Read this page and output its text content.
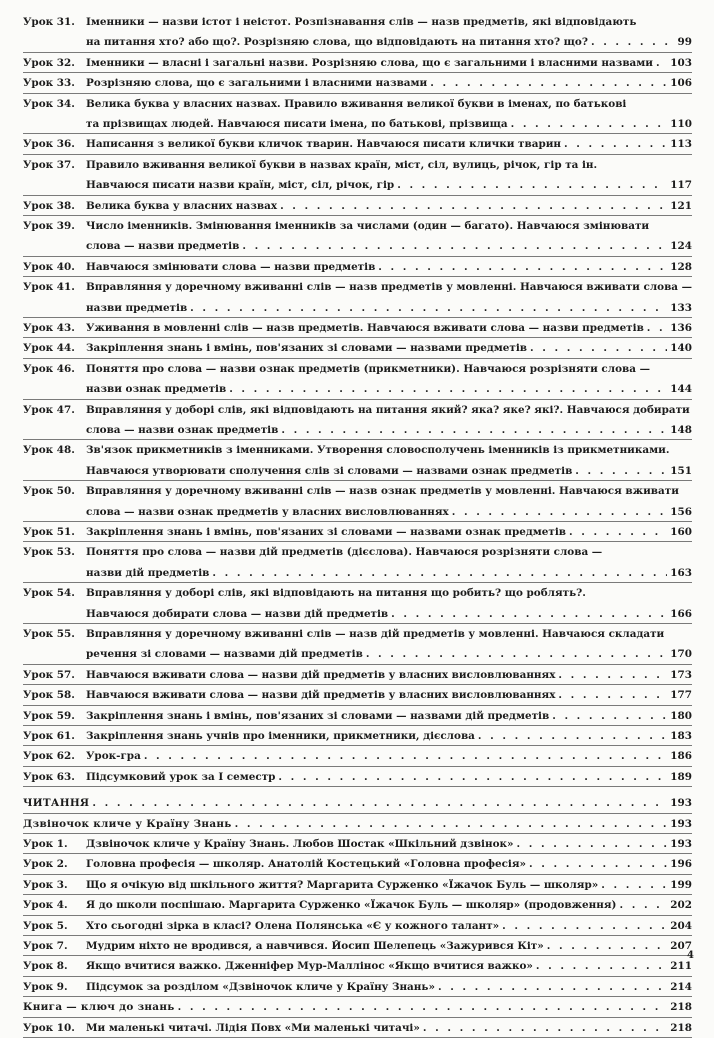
Урок 31. Іменники — назви істот і неістот. Розпізнавання слів — назв предметів, які відповідають
на питання хто? або що?. Розрізняю слова, що відповідають на питання хто? що? . . .	99
Урок 32. Іменники — власні і загальні назви. Розрізняю слова, що є загальними і власними назвами . . . 103
Урок 33. Розрізняю слова, що є загальними і власними назвами . . .	106
Урок 34. Велика буква у власних назвах. Правило вживання великої букви в іменах, по батькові
та прізвищах людей. Навчаюся писати імена, по батькові, прізвища . . .	110
Урок 36. Написання з великої букви кличок тварин. Навчаюся писати клички тварин . . .	113
Урок 37. Правило вживання великої букви в назвах країн, міст, сіл, вулиць, річок, гір та ін.
Навчаюся писати назви країн, міст, сіл, річок, гір . . .	117
Урок 38. Велика буква у власних назвах . . .	121
Урок 39. Число іменників. Змінювання іменників за числами (один — багато). Навчаюся змінювати
слова — назви предметів . . .	124
Урок 40. Навчаюся змінювати слова — назви предметів . . .	128
Урок 41. Вправляння у доречному вживанні слів — назв предметів у мовленні. Навчаюся вживати слова —
назви предметів . . .	133
Урок 43. Уживання в мовленні слів — назв предметів. Навчаюся вживати слова — назви предметів . . .	136
Урок 44. Закріплення знань і вмінь, пов'язаних зі словами — назвами предметів . . .	140
Урок 46. Поняття про слова — назви ознак предметів (прикметники). Навчаюся розрізняти слова —
назви ознак предметів . . .	144
Урок 47. Вправляння у доборі слів, які відповідають на питання який? яка? яке? які?. Навчаюся добирати
слова — назви ознак предметів . . .	148
Урок 48. Зв'язок прикметників з іменниками. Утворення словосполучень іменників із прикметниками.
Навчаюся утворювати сполучення слів зі словами — назвами ознак предметів . . .	151
Урок 50. Вправляння у доречному вживанні слів — назв ознак предметів у мовленні. Навчаюся вживати
слова — назви ознак предметів у власних висловлюваннях . . .	156
Урок 51. Закріплення знань і вмінь, пов'язаних зі словами — назвами ознак предметів . . .	160
Урок 53. Поняття про слова — назви дій предметів (дієслова). Навчаюся розрізняти слова —
назви дій предметів . . .	163
Урок 54. Вправляння у доборі слів, які відповідають на питання що робить? що роблять?.
Навчаюся добирати слова — назви дій предметів . . .	166
Урок 55. Вправляння у доречному вживанні слів — назв дій предметів у мовленні. Навчаюся складати
речення зі словами — назвами дій предметів . . .	170
Урок 57. Навчаюся вживати слова — назви дій предметів у власних висловлюваннях . . .	173
Урок 58. Навчаюся вживати слова — назви дій предметів у власних висловлюваннях . . .	177
Урок 59. Закріплення знань і вмінь, пов'язаних зі словами — назвами дій предметів . . .	180
Урок 61. Закріплення знань учнів про іменники, прикметники, дієслова . . .	183
Урок 62. Урок-гра . . .	186
Урок 63. Підсумковий урок за І семестр . . .	189
ЧИТАННЯ . . .	193
Дзвіночок кличе у Країну Знань . . .	193
Урок 1. Дзвіночок кличе у Країну Знань. Любов Шостак «Шкільний дзвінок» . . .	193
Урок 2. Головна професія — школяр. Анатолій Костецький «Головна професія» . . .	196
Урок 3. Що я очікую від шкільного життя? Маргарита Сурженко «Їжачок Буль — школяр» . . .	199
Урок 4. Я до школи поспішаю. Маргарита Сурженко «Їжачок Буль — школяр» (продовження) . . .	202
Урок 5. Хто сьогодні зірка в класі? Олена Полянська «Є у кожного талант» . . .	204
Урок 7. Мудрим ніхто не вродився, а навчився. Йосип Шелепець «Зажурився Кіт» . . .	207
Урок 8. Якщо вчитися важко. Дженніфер Мур-Маллінос «Якщо вчитися важко» . . .	211
Урок 9. Підсумок за розділом «Дзвіночок кличе у Країну Знань» . . .	214
Книга — ключ до знань . . .	218
Урок 10. Ми маленькі читачі. Лідія Повх «Ми маленькі читачі» . . .	218
4
